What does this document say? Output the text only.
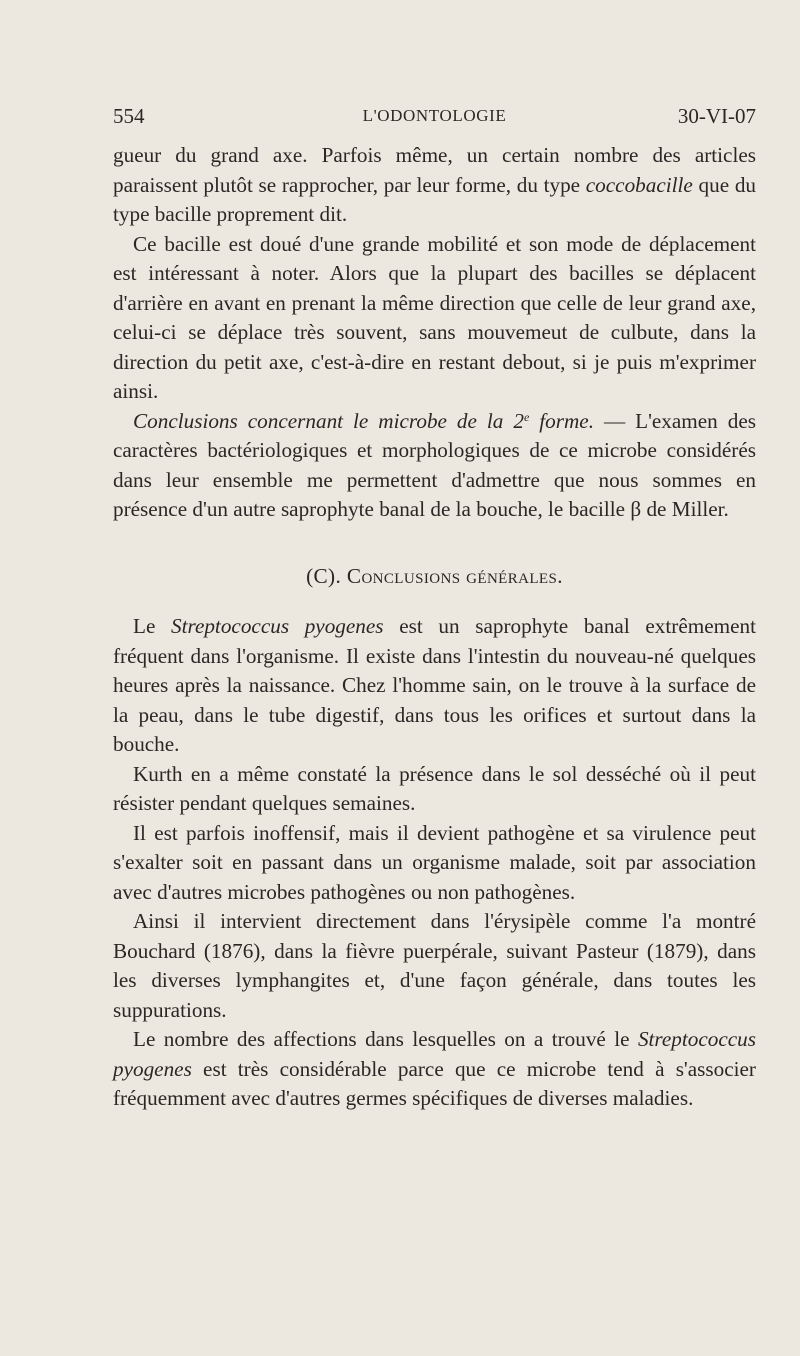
554	L'ODONTOLOGIE	30-VI-07

gueur du grand axe. Parfois même, un certain nombre des articles paraissent plutôt se rapprocher, par leur forme, du type coccobacille que du type bacille proprement dit.

Ce bacille est doué d'une grande mobilité et son mode de déplacement est intéressant à noter. Alors que la plupart des bacilles se déplacent d'arrière en avant en prenant la même direction que celle de leur grand axe, celui-ci se déplace très souvent, sans mouvemeut de culbute, dans la direction du petit axe, c'est-à-dire en restant debout, si je puis m'exprimer ainsi.

Conclusions concernant le microbe de la 2e forme. — L'examen des caractères bactériologiques et morphologiques de ce microbe considérés dans leur ensemble me permettent d'admettre que nous sommes en présence d'un autre saprophyte banal de la bouche, le bacille β de Miller.

(C). Conclusions générales.

Le Streptococcus pyogenes est un saprophyte banal extrêmement fréquent dans l'organisme. Il existe dans l'intestin du nouveau-né quelques heures après la naissance. Chez l'homme sain, on le trouve à la surface de la peau, dans le tube digestif, dans tous les orifices et surtout dans la bouche.

Kurth en a même constaté la présence dans le sol desséché où il peut résister pendant quelques semaines.

Il est parfois inoffensif, mais il devient pathogène et sa virulence peut s'exalter soit en passant dans un organisme malade, soit par association avec d'autres microbes pathogènes ou non pathogènes.

Ainsi il intervient directement dans l'érysipèle comme l'a montré Bouchard (1876), dans la fièvre puerpérale, suivant Pasteur (1879), dans les diverses lymphangites et, d'une façon générale, dans toutes les suppurations.

Le nombre des affections dans lesquelles on a trouvé le Streptococcus pyogenes est très considérable parce que ce microbe tend à s'associer fréquemment avec d'autres germes spécifiques de diverses maladies.
